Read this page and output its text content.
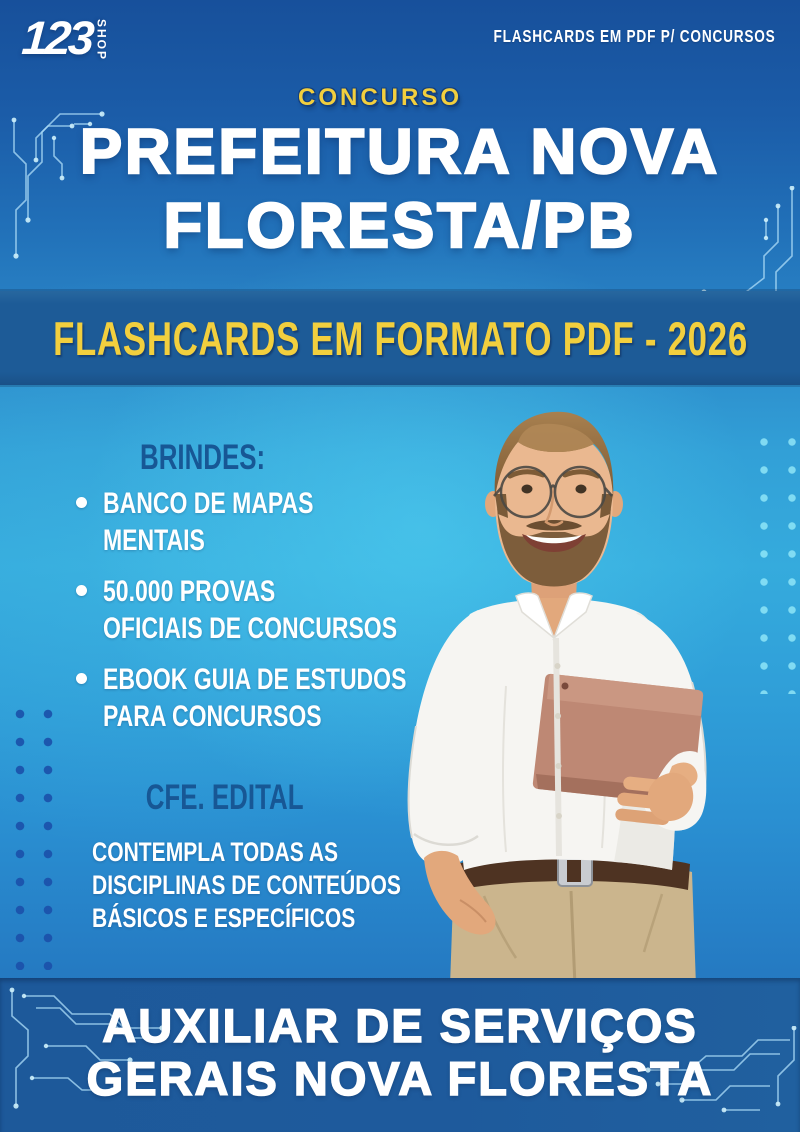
123 SHOP	FLASHCARDS EM PDF P/ CONCURSOS
CONCURSO
PREFEITURA NOVA
FLORESTA/PB
FLASHCARDS EM FORMATO PDF - 2026
BRINDES:
BANCO DE MAPAS
MENTAIS
50.000 PROVAS
OFICIAIS DE CONCURSOS
EBOOK GUIA DE ESTUDOS
PARA CONCURSOS
CFE. EDITAL
CONTEMPLA TODAS AS
DISCIPLINAS DE CONTEÚDOS
BÁSICOS E ESPECÍFICOS
AUXILIAR DE SERVIÇOS
GERAIS NOVA FLORESTA
